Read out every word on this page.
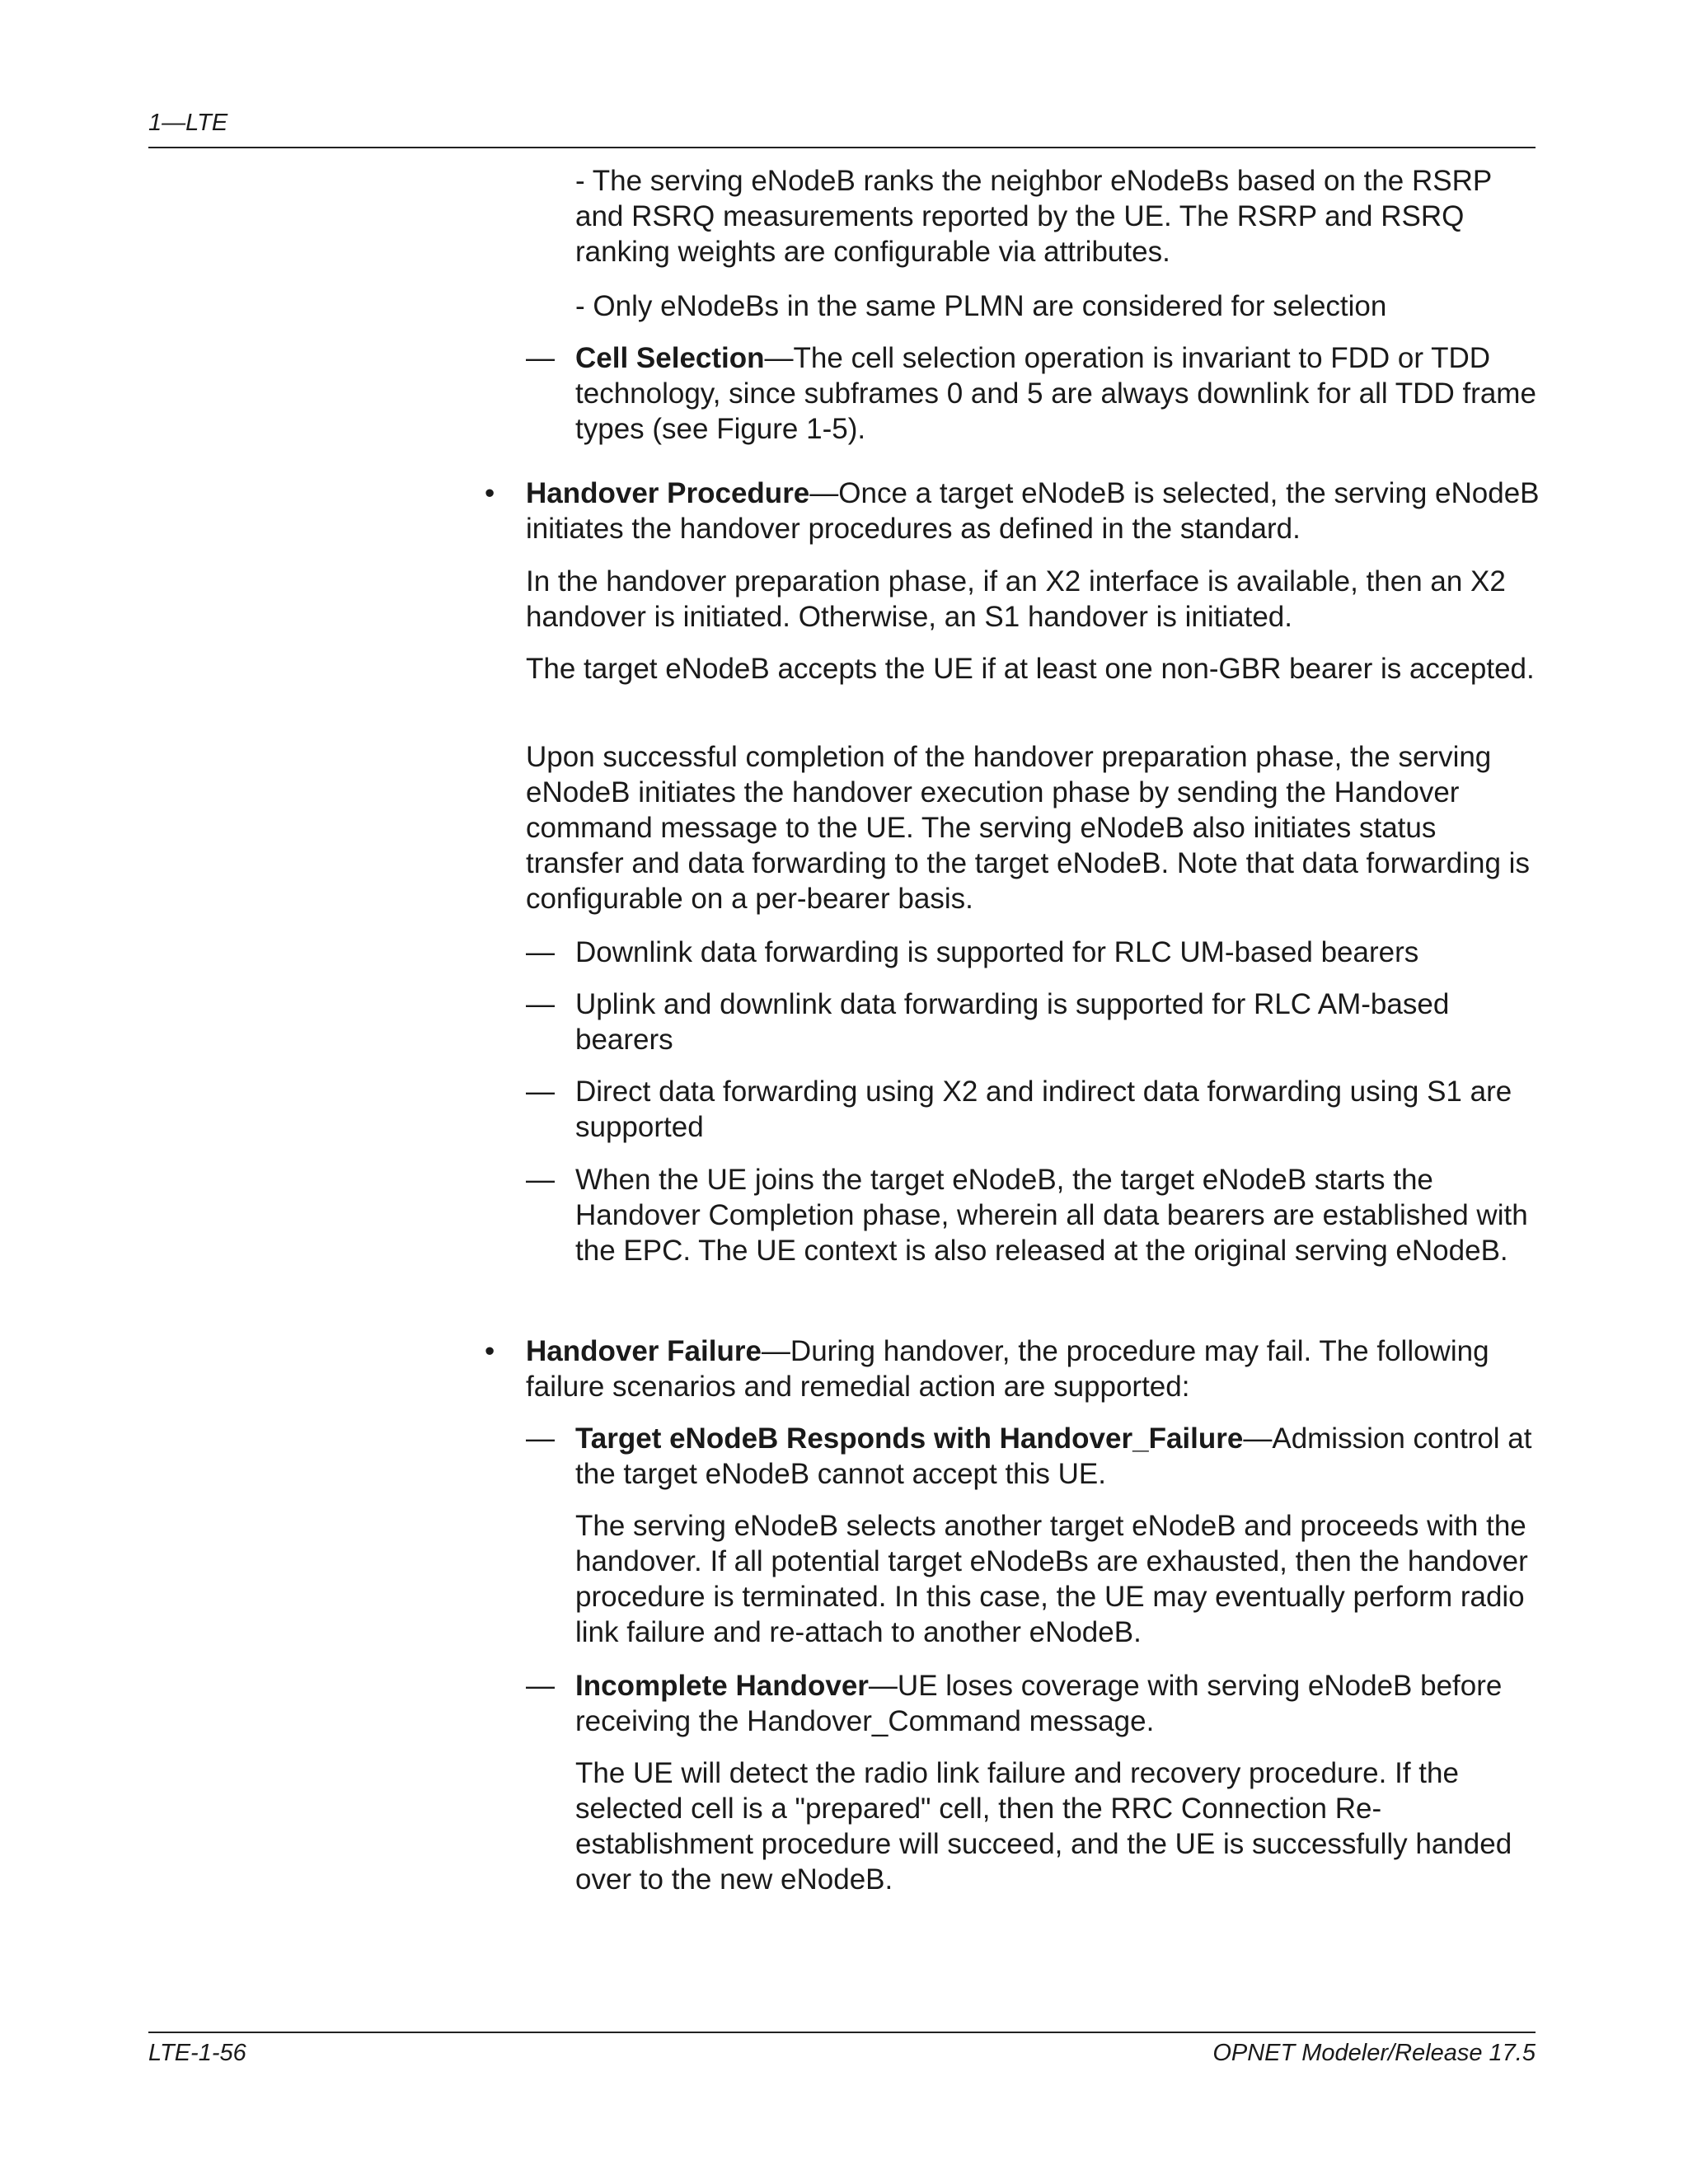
1—LTE

- The serving eNodeB ranks the neighbor eNodeBs based on the RSRP and RSRQ measurements reported by the UE. The RSRP and RSRQ ranking weights are configurable via attributes.

- Only eNodeBs in the same PLMN are considered for selection

— Cell Selection—The cell selection operation is invariant to FDD or TDD technology, since subframes 0 and 5 are always downlink for all TDD frame types (see Figure 1-5).

• Handover Procedure—Once a target eNodeB is selected, the serving eNodeB initiates the handover procedures as defined in the standard.

In the handover preparation phase, if an X2 interface is available, then an X2 handover is initiated. Otherwise, an S1 handover is initiated.

The target eNodeB accepts the UE if at least one non-GBR bearer is accepted.

Upon successful completion of the handover preparation phase, the serving eNodeB initiates the handover execution phase by sending the Handover command message to the UE. The serving eNodeB also initiates status transfer and data forwarding to the target eNodeB. Note that data forwarding is configurable on a per-bearer basis.

— Downlink data forwarding is supported for RLC UM-based bearers

— Uplink and downlink data forwarding is supported for RLC AM-based bearers

— Direct data forwarding using X2 and indirect data forwarding using S1 are supported

— When the UE joins the target eNodeB, the target eNodeB starts the Handover Completion phase, wherein all data bearers are established with the EPC. The UE context is also released at the original serving eNodeB.

• Handover Failure—During handover, the procedure may fail. The following failure scenarios and remedial action are supported:

— Target eNodeB Responds with Handover_Failure—Admission control at the target eNodeB cannot accept this UE.

The serving eNodeB selects another target eNodeB and proceeds with the handover. If all potential target eNodeBs are exhausted, then the handover procedure is terminated. In this case, the UE may eventually perform radio link failure and re-attach to another eNodeB.

— Incomplete Handover—UE loses coverage with serving eNodeB before receiving the Handover_Command message.

The UE will detect the radio link failure and recovery procedure. If the selected cell is a "prepared" cell, then the RRC Connection Re-establishment procedure will succeed, and the UE is successfully handed over to the new eNodeB.

LTE-1-56	OPNET Modeler/Release 17.5
